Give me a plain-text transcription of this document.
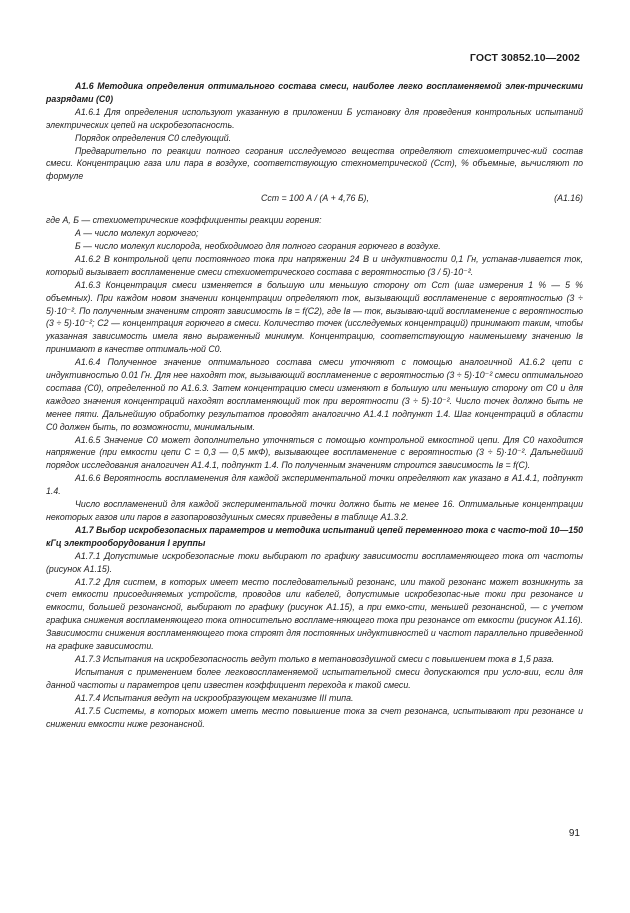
ГОСТ 30852.10—2002

А1.6 Методика определения оптимального состава смеси, наиболее легко воспламеняемой элек-трическими разрядами (С0)

А1.6.1 Для определения используют указанную в приложении Б установку для проведения контрольных испытаний электрических цепей на искробезопасность.

Порядок определения С0 следующий.

Предварительно по реакции полного сгорания исследуемого вещества определяют стехиометричес-кий состав смеси. Концентрацию газа или пара в воздухе, соответствующую стехнометрической (Сст), % объемные, вычисляют по формуле

Сст = 100 А / (А + 4,76 Б),	(А1.16)

где А, Б — стехиометрические коэффициенты реакции горения:

А — число молекул горючего;

Б — число молекул кислорода, необходимого для полного сгорания горючего в воздухе.

А1.6.2 В контрольной цепи постоянного тока при напряжении 24 В и индуктивности 0,1 Гн, устанав-ливается ток, который вызывает воспламенение смеси стехиометрического состава с вероятностью (3 / 5)·10⁻².

А1.6.3 Концентрация смеси изменяется в большую или меньшую сторону от Сст (шаг измерения 1 % — 5 % объемных). При каждом новом значении концентрации определяют ток, вызывающий воспламенение с вероятностью (3 ÷ 5)·10⁻². По полученным значениям строят зависимость Iв = f(С2), где Iв — ток, вызываю-щий воспламенение с вероятностью (3 ÷ 5)·10⁻²; С2 — концентрация горючего в смеси. Количество точек (исследуемых концентраций) принимают таким, чтобы указанная зависимость имела явно выраженный минимум. Концентрацию, соответствующую наименьшему значению Iв принимают в качестве оптималь-ной С0.

А1.6.4 Полученное значение оптимального состава смеси уточняют с помощью аналогичной А1.6.2 цепи с индуктивностью 0.01 Гн. Для нее находят ток, вызывающий воспламенение с вероятностью (3 ÷ 5)·10⁻² смеси оптимального состава (С0), определенной по А1.6.3. Затем концентрацию смеси изменяют в большую или меньшую сторону от С0 и для каждого значения концентраций находят воспламеняющий ток при вероятности (3 ÷ 5)·10⁻². Число точек должно быть не менее пяти. Дальнейшую обработку результатов проводят аналогично А1.4.1 подпункт 1.4. Шаг концентраций в области С0 должен быть, по возможности, минимальным.

А1.6.5 Значение С0 может дополнительно уточняться с помощью контрольной емкостной цепи. Для С0 находится напряжение (при емкости цепи С = 0,3 — 0,5 мкФ), вызывающее воспламенение с вероятностью (3 ÷ 5)·10⁻². Дальнейший порядок исследования аналогичен А1.4.1, подпункт 1.4. По полученным значениям строится зависимость Iв = f(С).

А1.6.6 Вероятность воспламенения для каждой экспериментальной точки определяют как указано в А1.4.1, подпункт 1.4.

Число воспламенений для каждой экспериментальной точки должно быть не менее 16. Оптимальные концентрации некоторых газов или паров в газопаровоздушных смесях приведены в таблице А1.3.2.

А1.7 Выбор искробезопасных параметров и методика испытаний цепей переменного тока с часто-той 10—150 кГц электрооборудования I группы

А1.7.1 Допустимые искробезопасные токи выбирают по графику зависимости воспламеняющего тока от частоты (рисунок А1.15).

А1.7.2 Для систем, в которых имеет место последовательный резонанс, или такой резонанс может возникнуть за счет емкости присоединяемых устройств, проводов или кабелей, допустимые искробезопас-ные токи при резонансе и емкости, большей резонансной, выбирают по графику (рисунок А1.15), а при емко-сти, меньшей резонансной, — с учетом графика снижения воспламеняющего тока относительно воспламе-няющего тока при резонансе от емкости (рисунок А1.16). Зависимости снижения воспламеняющего тока строят для постоянных индуктивностей и частот параллельно приведенной на графике зависимости.

А1.7.3 Испытания на искробезопасность ведут только в метановоздушной смеси с повышением тока в 1,5 раза.

Испытания с применением более легковоспламеняемой испытательной смеси допускаются при усло-вии, если для данной частоты и параметров цепи известен коэффициент перехода к такой смеси.

А1.7.4 Испытания ведут на искрообразующем механизме III типа.

А1.7.5 Системы, в которых может иметь место повышение тока за счет резонанса, испытывают при резонансе и снижении емкости ниже резонансной.

91
